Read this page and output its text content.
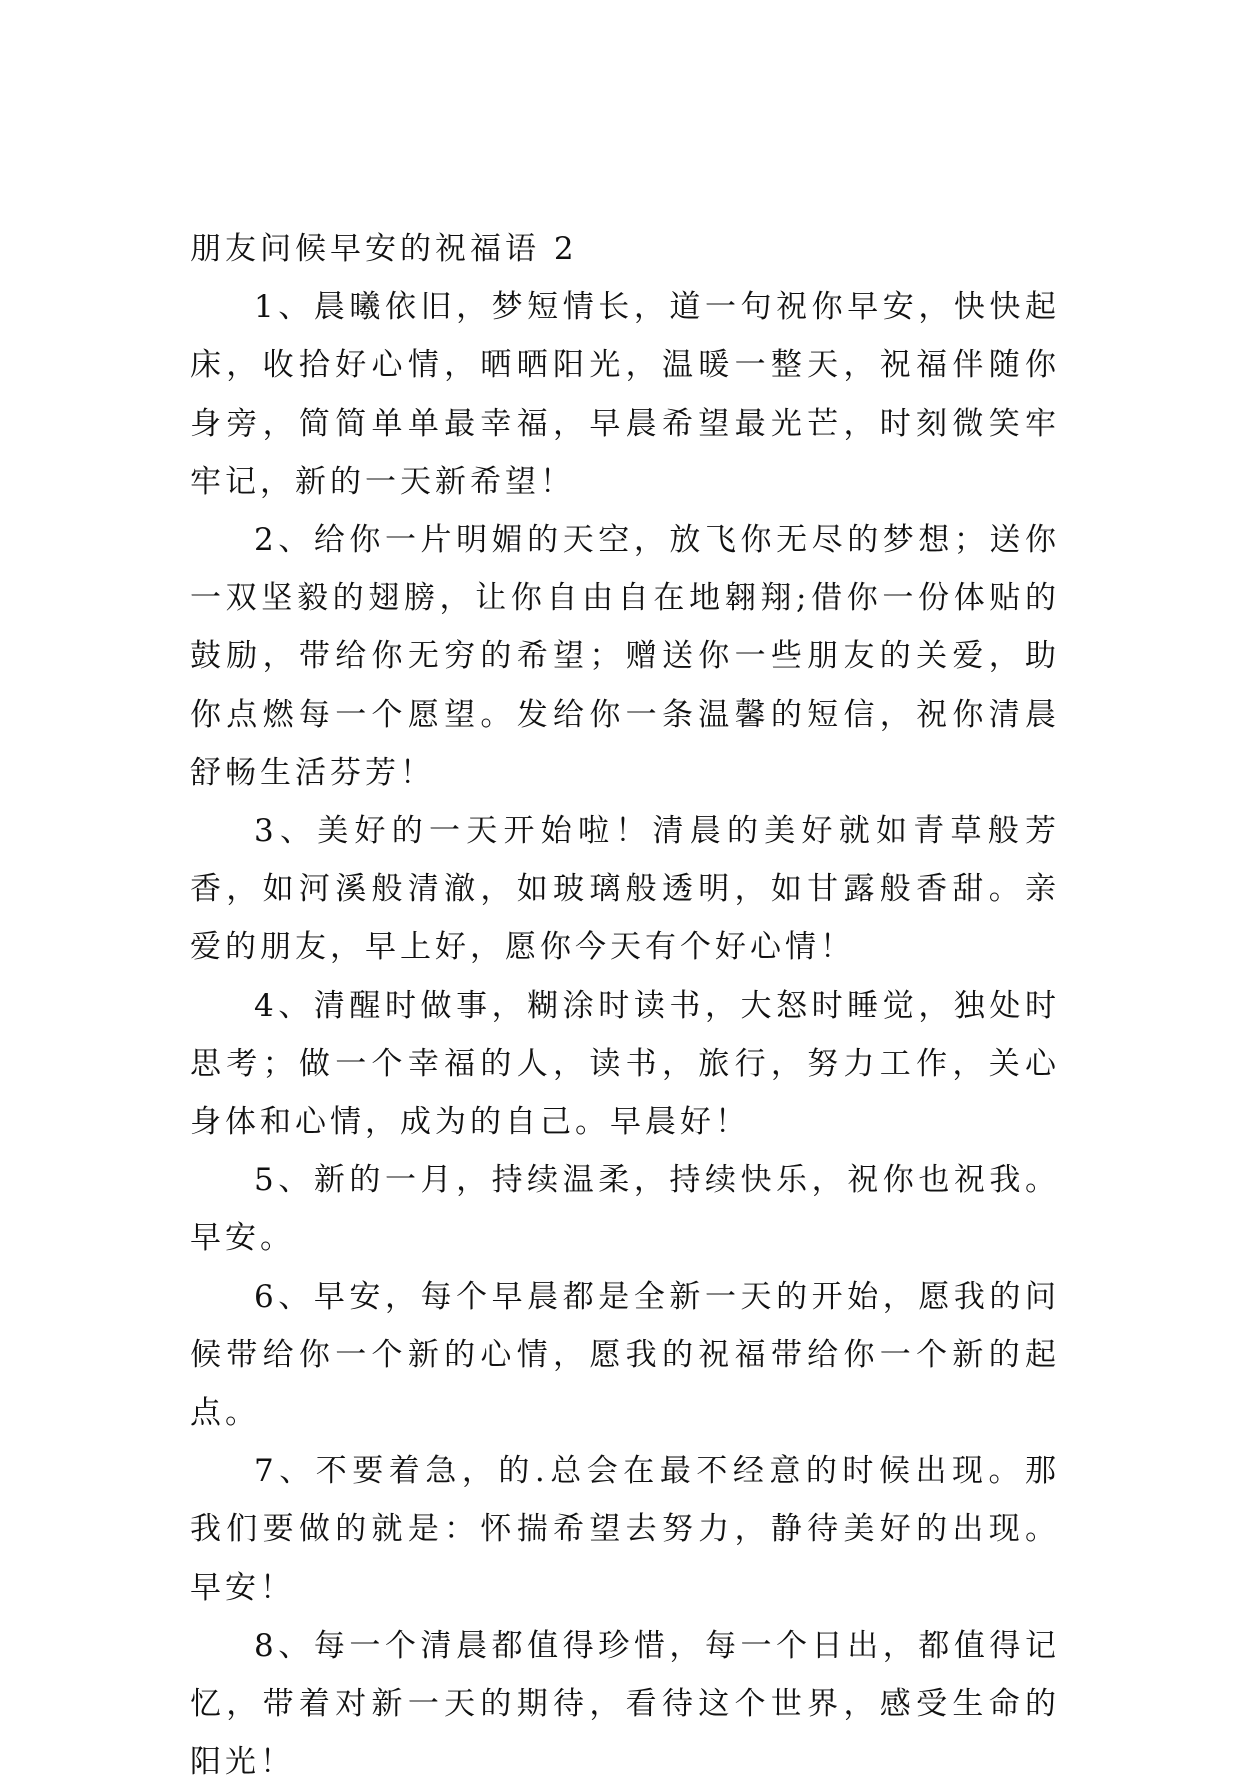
朋友问候早安的祝福语 2

1、晨曦依旧，梦短情长，道一句祝你早安，快快起床，收拾好心情，晒晒阳光，温暖一整天，祝福伴随你身旁，简简单单最幸福，早晨希望最光芒，时刻微笑牢牢记，新的一天新希望！

2、给你一片明媚的天空，放飞你无尽的梦想；送你一双坚毅的翅膀，让你自由自在地翱翔;借你一份体贴的鼓励，带给你无穷的希望；赠送你一些朋友的关爱，助你点燃每一个愿望。发给你一条温馨的短信，祝你清晨舒畅生活芬芳！

3、美好的一天开始啦！清晨的美好就如青草般芳香，如河溪般清澈，如玻璃般透明，如甘露般香甜。亲爱的朋友，早上好，愿你今天有个好心情！

4、清醒时做事，糊涂时读书，大怒时睡觉，独处时思考；做一个幸福的人，读书，旅行，努力工作，关心身体和心情，成为的自己。早晨好！

5、新的一月，持续温柔，持续快乐，祝你也祝我。早安。

6、早安，每个早晨都是全新一天的开始，愿我的问候带给你一个新的心情，愿我的祝福带给你一个新的起点。

7、不要着急，的.总会在最不经意的时候出现。那我们要做的就是：怀揣希望去努力，静待美好的出现。早安！

8、每一个清晨都值得珍惜，每一个日出，都值得记忆，带着对新一天的期待，看待这个世界，感受生命的阳光！
